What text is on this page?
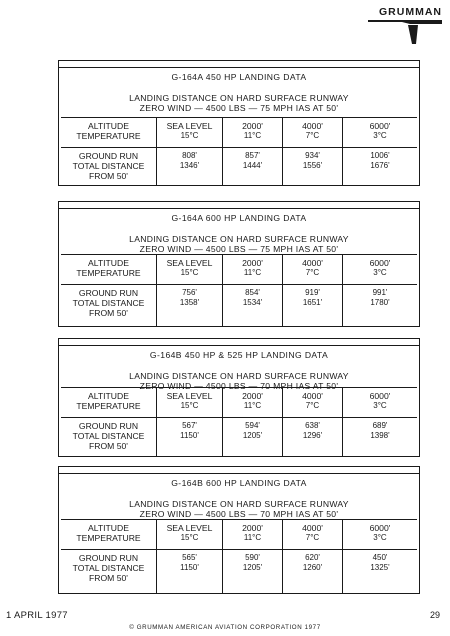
GRUMMAN
G-164A 450 HP LANDING DATA
LANDING DISTANCE ON HARD SURFACE RUNWAY
ZERO WIND — 4500 LBS — 75 MPH IAS AT 50'
ALTITUDE
TEMPERATURE
SEA LEVEL
15°C
2000'
11°C
4000'
7°C
6000'
3°C
GROUND RUN
TOTAL DISTANCE
FROM 50'
808'
1346'
857'
1444'
934'
1556'
1006'
1676'
G-164A 600 HP LANDING DATA
LANDING DISTANCE ON HARD SURFACE RUNWAY
ZERO WIND — 4500 LBS — 75 MPH IAS AT 50'
ALTITUDE
TEMPERATURE
SEA LEVEL
15°C
2000'
11°C
4000'
7°C
6000'
3°C
GROUND RUN
TOTAL DISTANCE
FROM 50'
756'
1358'
854'
1534'
919'
1651'
991'
1780'
G-164B 450 HP & 525 HP LANDING DATA
LANDING DISTANCE ON HARD SURFACE RUNWAY
ZERO WIND — 4500 LBS — 70 MPH IAS AT 50'
ALTITUDE
TEMPERATURE
SEA LEVEL
15°C
2000'
11°C
4000'
7°C
6000'
3°C
GROUND RUN
TOTAL DISTANCE
FROM 50'
567'
1150'
594'
1205'
638'
1296'
689'
1398'
G-164B 600 HP LANDING DATA
LANDING DISTANCE ON HARD SURFACE RUNWAY
ZERO WIND — 4500 LBS — 70 MPH IAS AT 50'
ALTITUDE
TEMPERATURE
SEA LEVEL
15°C
2000'
11°C
4000'
7°C
6000'
3°C
GROUND RUN
TOTAL DISTANCE
FROM 50'
565'
1150'
590'
1205'
620'
1260'
450'
1325'
1 APRIL 1977	29
© GRUMMAN AMERICAN AVIATION CORPORATION 1977
